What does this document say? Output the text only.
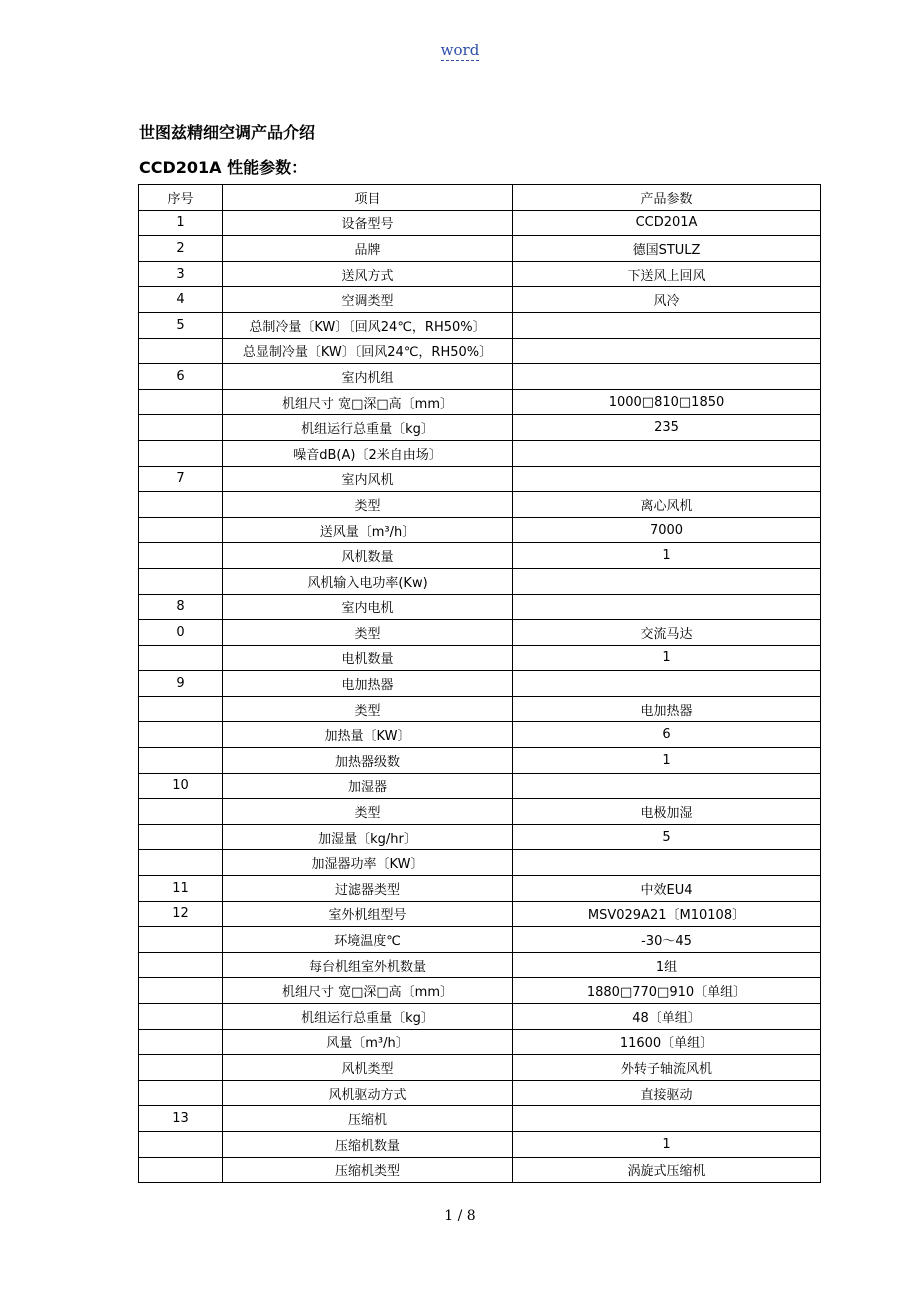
word
世图兹精细空调产品介绍
CCD201A 性能参数：
序号	项目	产品参数
1	设备型号	CCD201A
2	品牌	德国STULZ
3	送风方式	下送风上回风
4	空调类型	风冷
5	总制冷量〔KW〕〔回风24℃，RH50%〕	
	总显制冷量〔KW〕〔回风24℃，RH50%〕	
6	室内机组	
	机组尺寸 宽□深□高〔mm〕	1000□810□1850
	机组运行总重量〔kg〕	235
	噪音dB(A)〔2米自由场〕	
7	室内风机	
	类型	离心风机
	送风量〔m³/h〕	7000
	风机数量	1
	风机输入电功率(Kw)	
8	室内电机	
0	类型	交流马达
	电机数量	1
9	电加热器	
	类型	电加热器
	加热量〔KW〕	6
	加热器级数	1
10	加湿器	
	类型	电极加湿
	加湿量〔kg/hr〕	5
	加湿器功率〔KW〕	
11	过滤器类型	中效EU4
12	室外机组型号	MSV029A21〔M10108〕
	环境温度℃	-30～45
	每台机组室外机数量	1组
	机组尺寸 宽□深□高〔mm〕	1880□770□910〔单组〕
	机组运行总重量〔kg〕	48〔单组〕
	风量〔m³/h〕	11600〔单组〕
	风机类型	外转子轴流风机
	风机驱动方式	直接驱动
13	压缩机	
	压缩机数量	1
	压缩机类型	涡旋式压缩机
1 / 8
